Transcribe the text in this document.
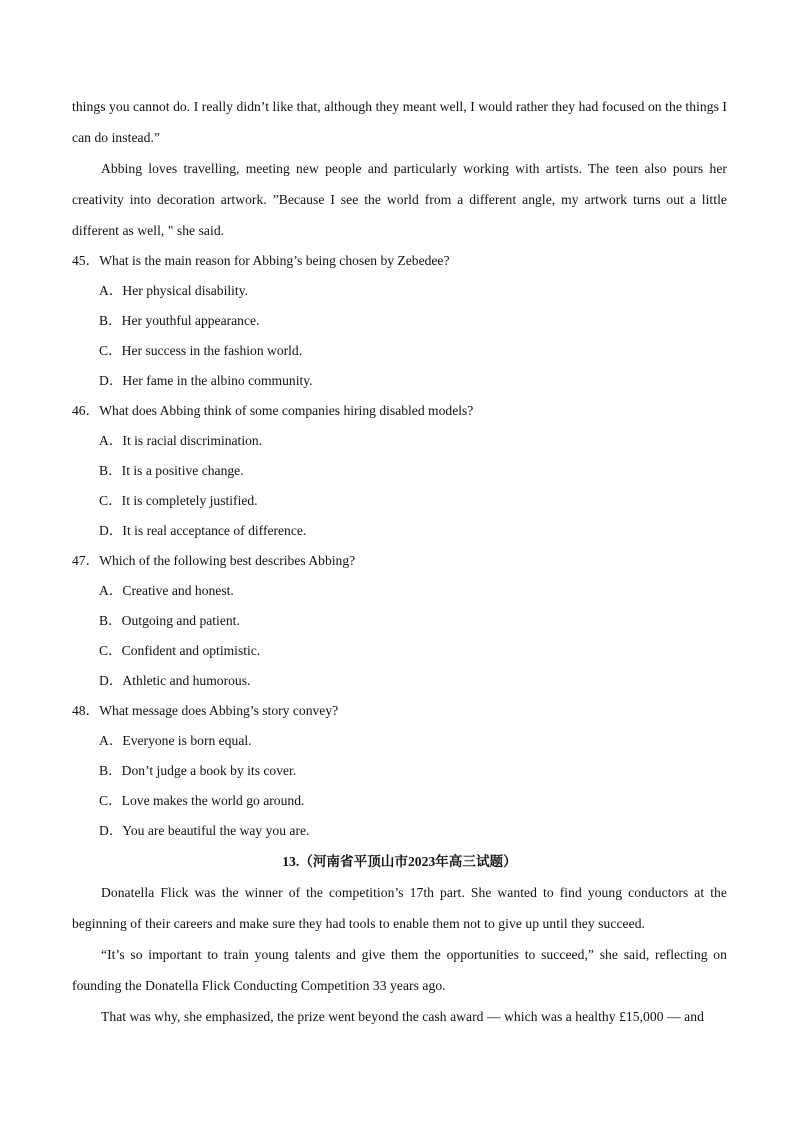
things you cannot do. I really didn’t like that, although they meant well, I would rather they had focused on the things I can do instead.”

Abbing loves travelling, meeting new people and particularly working with artists. The teen also pours her creativity into decoration artwork. ”Because I see the world from a different angle, my artwork turns out a little different as well, " she said.

45．What is the main reason for Abbing’s being chosen by Zebedee?

A．Her physical disability.

B．Her youthful appearance.

C．Her success in the fashion world.

D．Her fame in the albino community.

46．What does Abbing think of some companies hiring disabled models?

A．It is racial discrimination.

B．It is a positive change.

C．It is completely justified.

D．It is real acceptance of difference.

47．Which of the following best describes Abbing?

A．Creative and honest.

B．Outgoing and patient.

C．Confident and optimistic.

D．Athletic and humorous.

48．What message does Abbing’s story convey?

A．Everyone is born equal.

B．Don’t judge a book by its cover.

C．Love makes the world go around.

D．You are beautiful the way you are.

13.（河南省平顶山市2023年高三试题）

Donatella Flick was the winner of the competition’s 17th part. She wanted to find young conductors at the beginning of their careers and make sure they had tools to enable them not to give up until they succeed.

“It’s so important to train young talents and give them the opportunities to succeed,” she said, reflecting on founding the Donatella Flick Conducting Competition 33 years ago.

That was why, she emphasized, the prize went beyond the cash award — which was a healthy £15,000 — and
